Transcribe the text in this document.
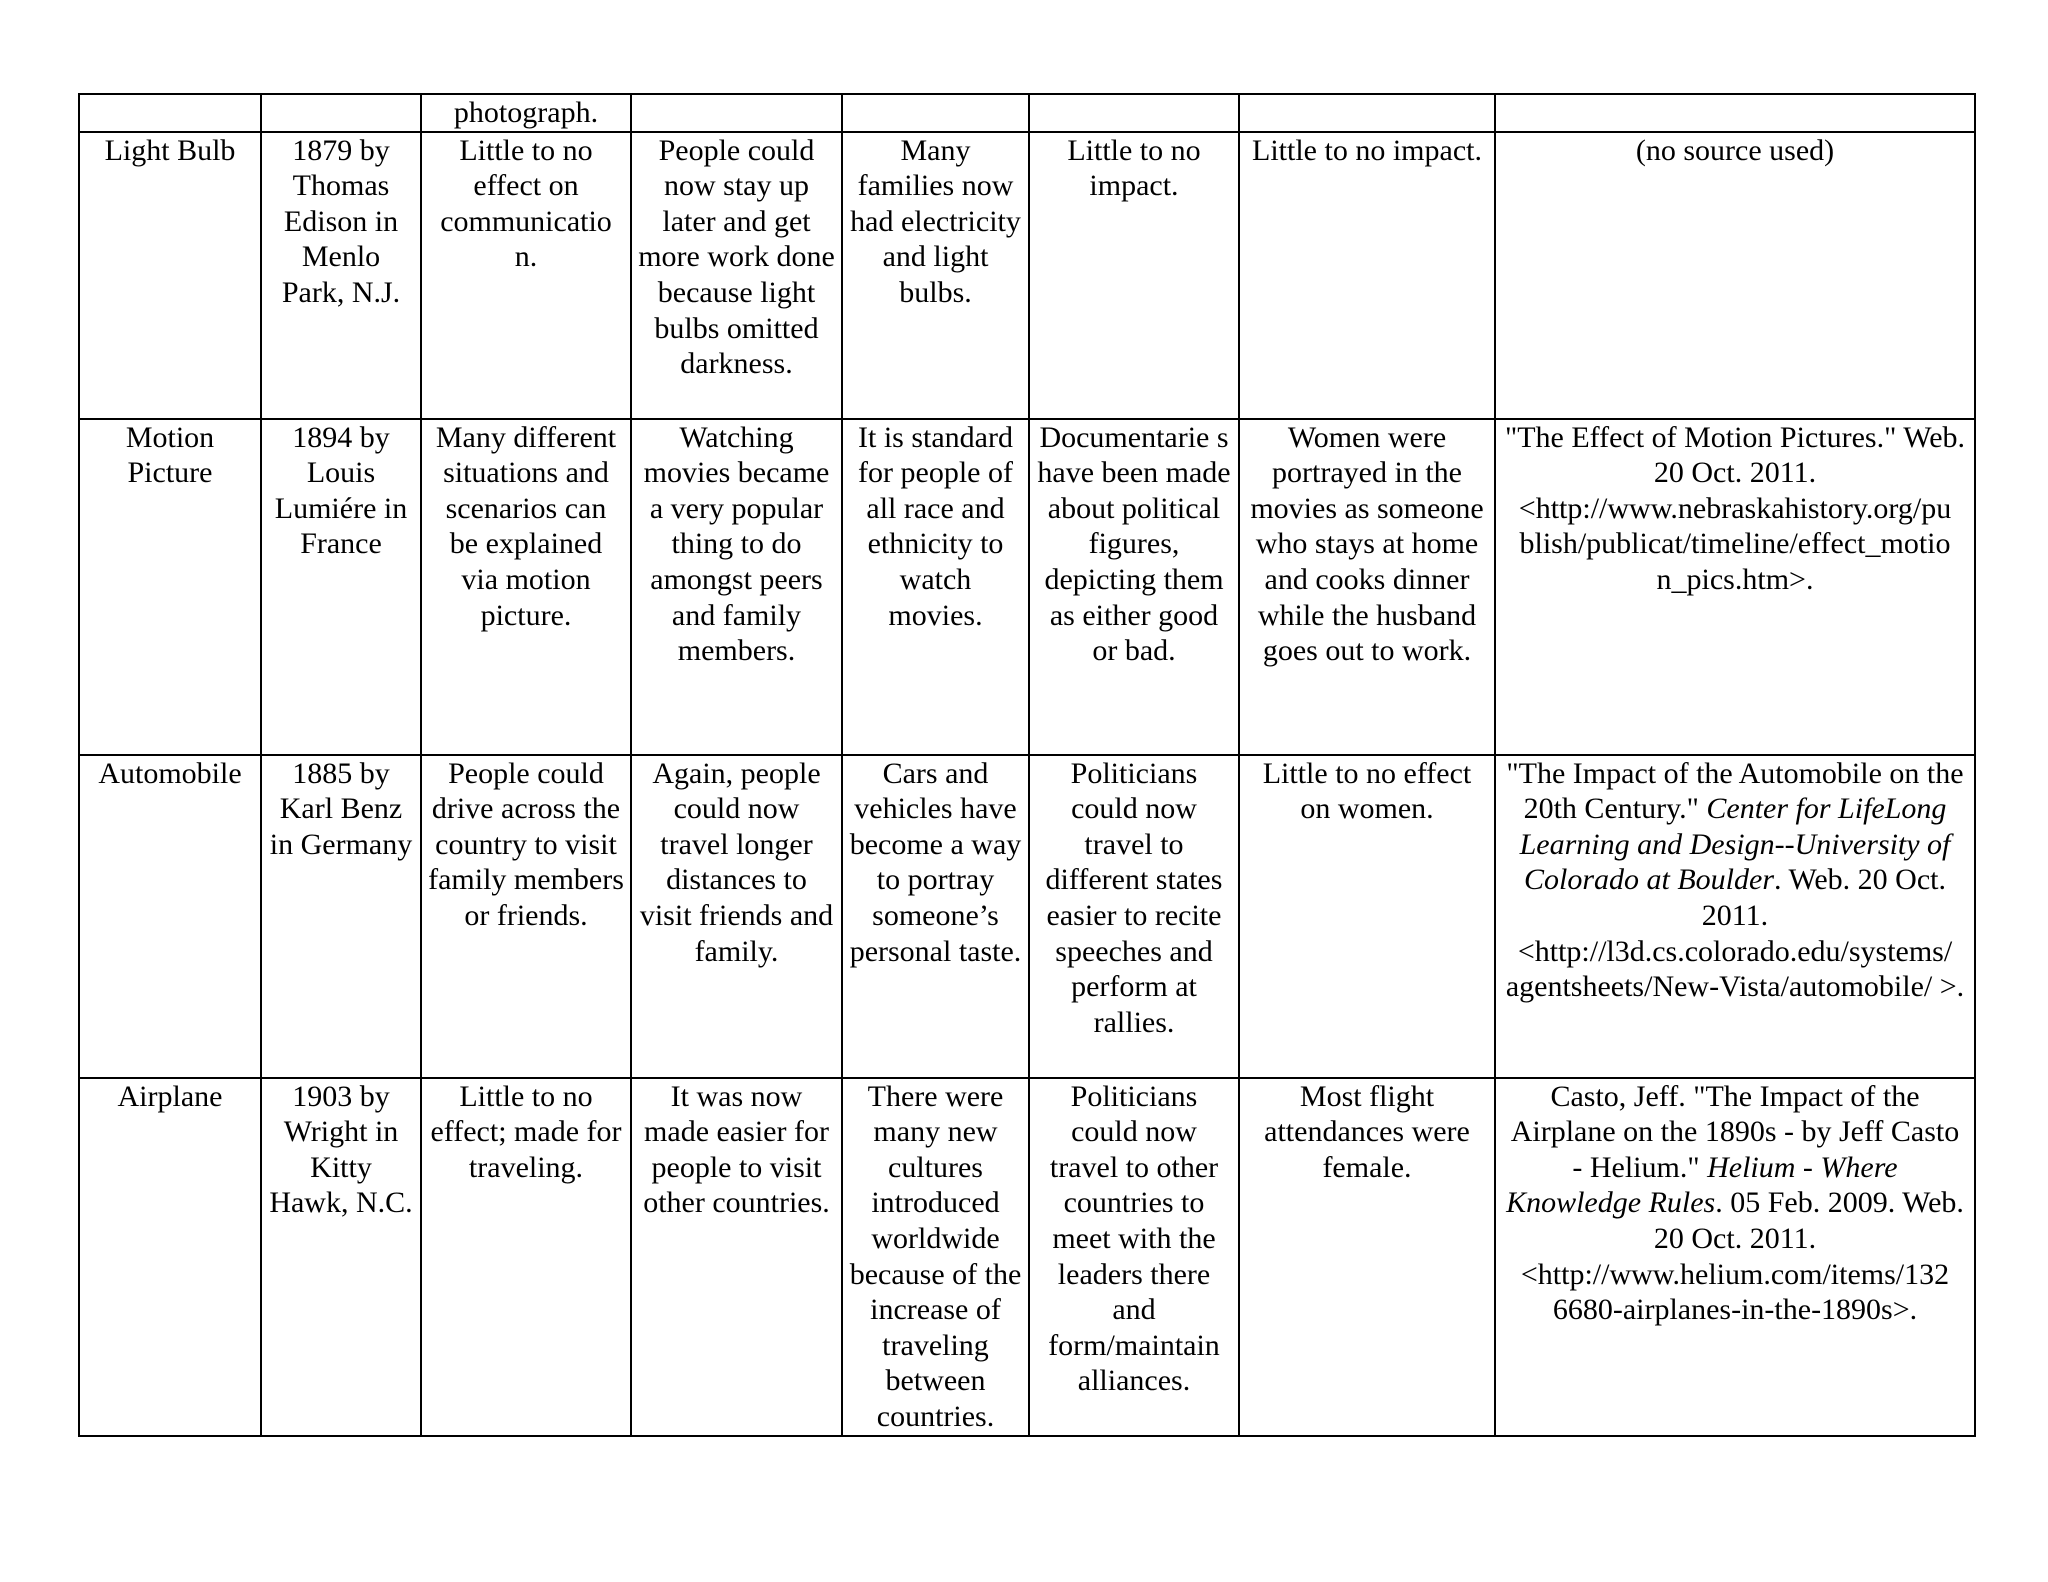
		photograph.					

Light Bulb	1879 by Thomas Edison in Menlo Park, N.J.	Little to no effect on communicatio n.	People could now stay up later and get more work done because light bulbs omitted darkness.	Many families now had electricity and light bulbs.	Little to no impact.	Little to no impact.	(no source used)

Motion Picture	1894 by Louis Lumiére in France	Many different situations and scenarios can be explained via motion picture.	Watching movies became a very popular thing to do amongst peers and family members.	It is standard for people of all race and ethnicity to watch movies.	Documentarie s have been made about political figures, depicting them as either good or bad.	Women were portrayed in the movies as someone who stays at home and cooks dinner while the husband goes out to work.	"The Effect of Motion Pictures." Web. 20 Oct. 2011. <http://www.nebraskahistory.org/pu blish/publicat/timeline/effect_motio n_pics.htm>.

Automobile	1885 by Karl Benz in Germany	People could drive across the country to visit family members or friends.	Again, people could now travel longer distances to visit friends and family.	Cars and vehicles have become a way to portray someone’s personal taste.	Politicians could now travel to different states easier to recite speeches and perform at rallies.	Little to no effect on women.	"The Impact of the Automobile on the 20th Century." Center for LifeLong Learning and Design--University of Colorado at Boulder. Web. 20 Oct. 2011. <http://l3d.cs.colorado.edu/systems/ agentsheets/New-Vista/automobile/ >.

Airplane	1903 by Wright in Kitty Hawk, N.C.	Little to no effect; made for traveling.	It was now made easier for people to visit other countries.	There were many new cultures introduced worldwide because of the increase of traveling between countries.	Politicians could now travel to other countries to meet with the leaders there and form/maintain alliances.	Most flight attendances were female.	Casto, Jeff. "The Impact of the Airplane on the 1890s - by Jeff Casto - Helium." Helium - Where Knowledge Rules. 05 Feb. 2009. Web. 20 Oct. 2011. <http://www.helium.com/items/132 6680-airplanes-in-the-1890s>.
